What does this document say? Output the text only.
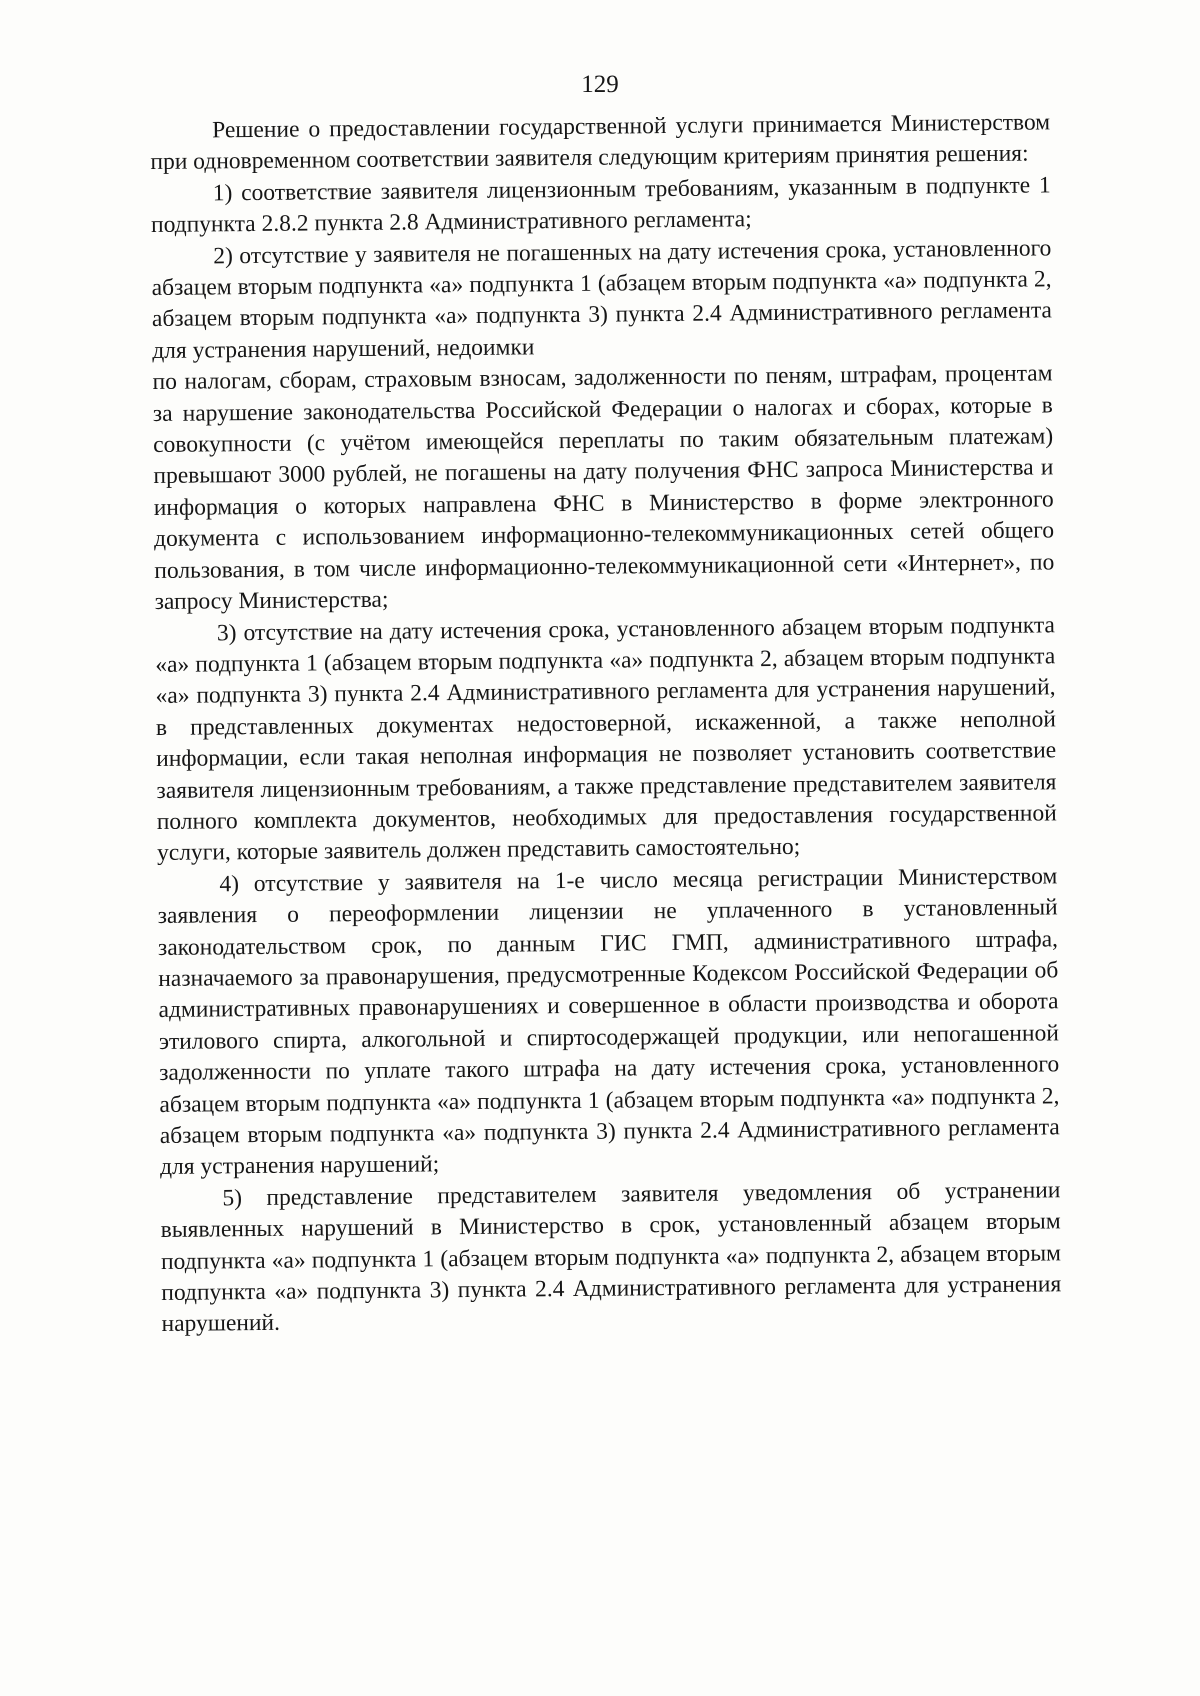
129

Решение о предоставлении государственной услуги принимается Министерством при одновременном соответствии заявителя следующим критериям принятия решения:

1) соответствие заявителя лицензионным требованиям, указанным в подпункте 1 подпункта 2.8.2 пункта 2.8 Административного регламента;

2) отсутствие у заявителя не погашенных на дату истечения срока, установленного абзацем вторым подпункта «а» подпункта 1 (абзацем вторым подпункта «а» подпункта 2, абзацем вторым подпункта «а» подпункта 3) пункта 2.4 Административного регламента для устранения нарушений, недоимки

по налогам, сборам, страховым взносам, задолженности по пеням, штрафам, процентам за нарушение законодательства Российской Федерации о налогах и сборах, которые в совокупности (с учётом имеющейся переплаты по таким обязательным платежам) превышают 3000 рублей, не погашены на дату получения ФНС запроса Министерства и информация о которых направлена ФНС в Министерство в форме электронного документа с использованием информационно-телекоммуникационных сетей общего пользования, в том числе информационно-телекоммуникационной сети «Интернет», по запросу Министерства;

3) отсутствие на дату истечения срока, установленного абзацем вторым подпункта «а» подпункта 1 (абзацем вторым подпункта «а» подпункта 2, абзацем вторым подпункта «а» подпункта 3) пункта 2.4 Административного регламента для устранения нарушений, в представленных документах недостоверной, искаженной, а также неполной информации, если такая неполная информация не позволяет установить соответствие заявителя лицензионным требованиям, а также представление представителем заявителя полного комплекта документов, необходимых для предоставления государственной услуги, которые заявитель должен представить самостоятельно;

4) отсутствие у заявителя на 1-е число месяца регистрации Министерством заявления о переоформлении лицензии не уплаченного в установленный законодательством срок, по данным ГИС ГМП, административного штрафа, назначаемого за правонарушения, предусмотренные Кодексом Российской Федерации об административных правонарушениях и совершенное в области производства и оборота этилового спирта, алкогольной и спиртосодержащей продукции, или непогашенной задолженности по уплате такого штрафа на дату истечения срока, установленного абзацем вторым подпункта «а» подпункта 1 (абзацем вторым подпункта «а» подпункта 2, абзацем вторым подпункта «а» подпункта 3) пункта 2.4 Административного регламента для устранения нарушений;

5) представление представителем заявителя уведомления об устранении выявленных нарушений в Министерство в срок, установленный абзацем вторым подпункта «а» подпункта 1 (абзацем вторым подпункта «а» подпункта 2, абзацем вторым подпункта «а» подпункта 3) пункта 2.4 Административного регламента для устранения нарушений.
